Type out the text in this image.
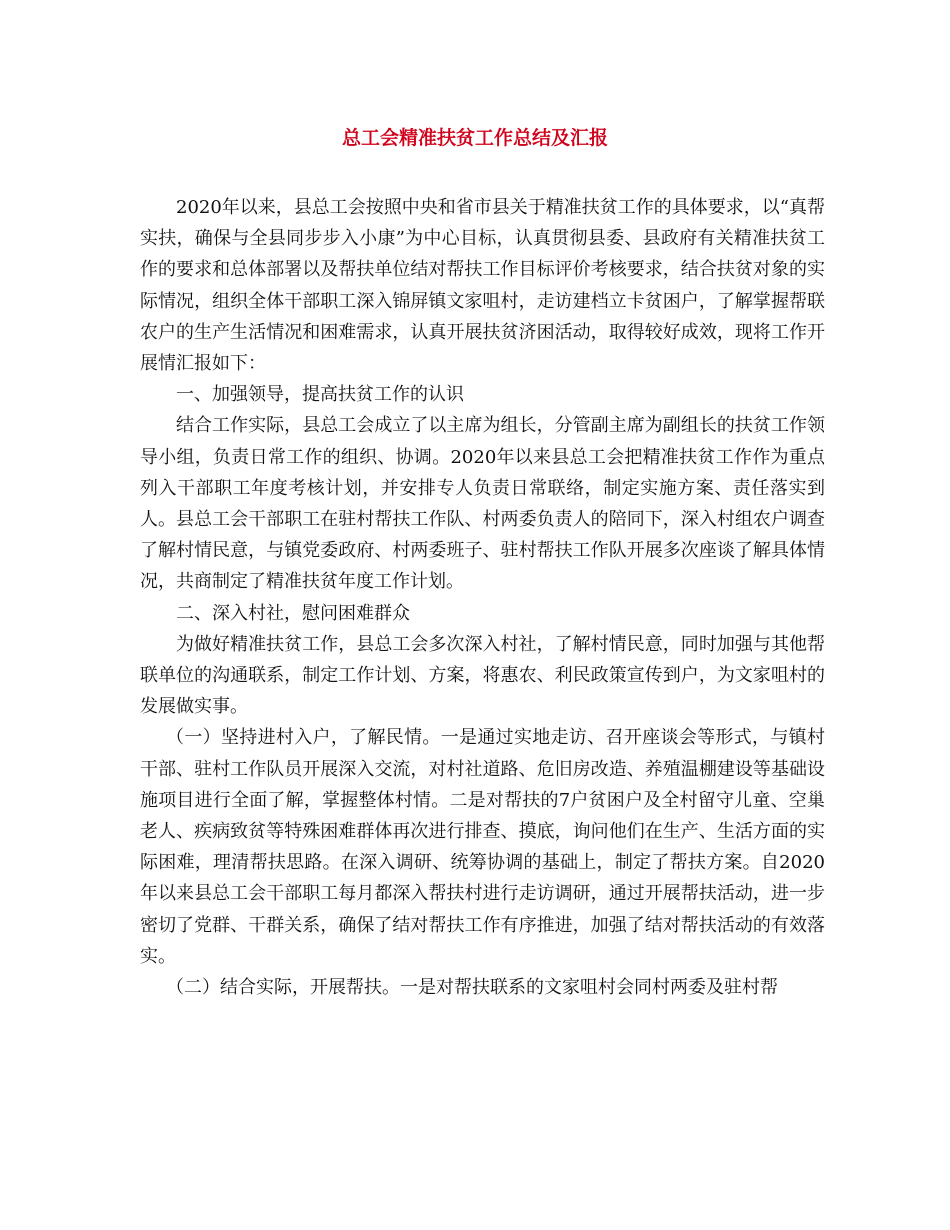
总工会精准扶贫工作总结及汇报

2020年以来，县总工会按照中央和省市县关于精准扶贫工作的具体要求，以“真帮实扶，确保与全县同步步入小康”为中心目标，认真贯彻县委、县政府有关精准扶贫工作的要求和总体部署以及帮扶单位结对帮扶工作目标评价考核要求，结合扶贫对象的实际情况，组织全体干部职工深入锦屏镇文家咀村，走访建档立卡贫困户，了解掌握帮联农户的生产生活情况和困难需求，认真开展扶贫济困活动，取得较好成效，现将工作开展情汇报如下：

一、加强领导，提高扶贫工作的认识

结合工作实际，县总工会成立了以主席为组长，分管副主席为副组长的扶贫工作领导小组，负责日常工作的组织、协调。2020年以来县总工会把精准扶贫工作作为重点列入干部职工年度考核计划，并安排专人负责日常联络，制定实施方案、责任落实到人。县总工会干部职工在驻村帮扶工作队、村两委负责人的陪同下，深入村组农户调查了解村情民意，与镇党委政府、村两委班子、驻村帮扶工作队开展多次座谈了解具体情况，共商制定了精准扶贫年度工作计划。

二、深入村社，慰问困难群众

为做好精准扶贫工作，县总工会多次深入村社，了解村情民意，同时加强与其他帮联单位的沟通联系，制定工作计划、方案，将惠农、利民政策宣传到户，为文家咀村的发展做实事。

（一）坚持进村入户，了解民情。一是通过实地走访、召开座谈会等形式，与镇村干部、驻村工作队员开展深入交流，对村社道路、危旧房改造、养殖温棚建设等基础设施项目进行全面了解，掌握整体村情。二是对帮扶的7户贫困户及全村留守儿童、空巢老人、疾病致贫等特殊困难群体再次进行排查、摸底，询问他们在生产、生活方面的实际困难，理清帮扶思路。在深入调研、统筹协调的基础上，制定了帮扶方案。自2020年以来县总工会干部职工每月都深入帮扶村进行走访调研，通过开展帮扶活动，进一步密切了党群、干群关系，确保了结对帮扶工作有序推进，加强了结对帮扶活动的有效落实。

（二）结合实际，开展帮扶。一是对帮扶联系的文家咀村会同村两委及驻村帮
